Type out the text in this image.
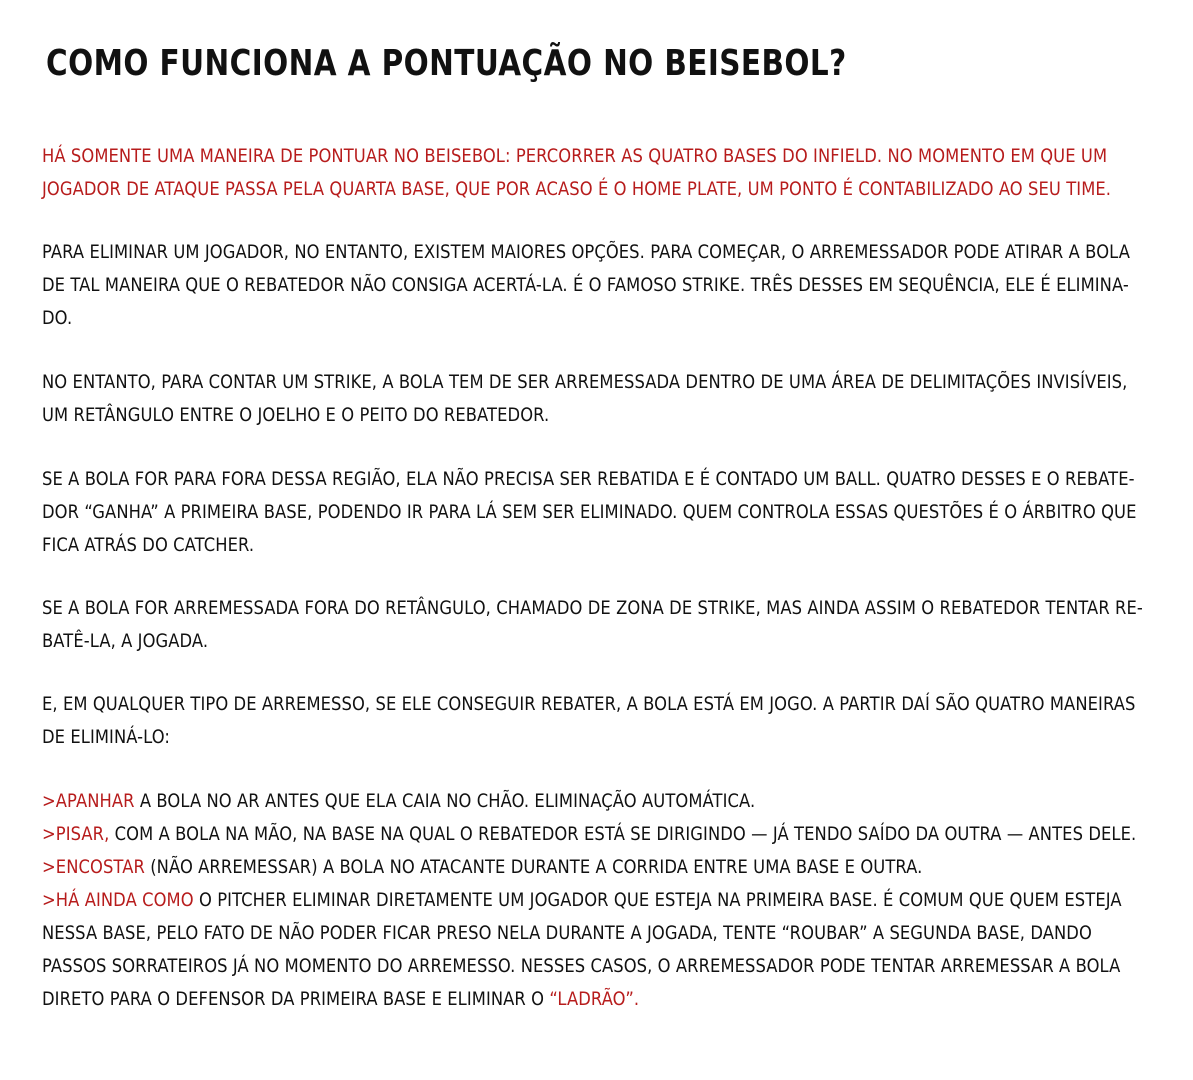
COMO FUNCIONA A PONTUAÇÃO NO BEISEBOL?

HÁ SOMENTE UMA MANEIRA DE PONTUAR NO BEISEBOL: PERCORRER AS QUATRO BASES DO INFIELD. NO MOMENTO EM QUE UM
JOGADOR DE ATAQUE PASSA PELA QUARTA BASE, QUE POR ACASO É O HOME PLATE, UM PONTO É CONTABILIZADO AO SEU TIME.

PARA ELIMINAR UM JOGADOR, NO ENTANTO, EXISTEM MAIORES OPÇÕES. PARA COMEÇAR, O ARREMESSADOR PODE ATIRAR A BOLA
DE TAL MANEIRA QUE O REBATEDOR NÃO CONSIGA ACERTÁ-LA. É O FAMOSO STRIKE. TRÊS DESSES EM SEQUÊNCIA, ELE É ELIMINA-
DO.

NO ENTANTO, PARA CONTAR UM STRIKE, A BOLA TEM DE SER ARREMESSADA DENTRO DE UMA ÁREA DE DELIMITAÇÕES INVISÍVEIS,
UM RETÂNGULO ENTRE O JOELHO E O PEITO DO REBATEDOR.

SE A BOLA FOR PARA FORA DESSA REGIÃO, ELA NÃO PRECISA SER REBATIDA E É CONTADO UM BALL. QUATRO DESSES E O REBATE-
DOR “GANHA” A PRIMEIRA BASE, PODENDO IR PARA LÁ SEM SER ELIMINADO. QUEM CONTROLA ESSAS QUESTÕES É O ÁRBITRO QUE
FICA ATRÁS DO CATCHER.

SE A BOLA FOR ARREMESSADA FORA DO RETÂNGULO, CHAMADO DE ZONA DE STRIKE, MAS AINDA ASSIM O REBATEDOR TENTAR RE-
BATÊ-LA, A JOGADA.

E, EM QUALQUER TIPO DE ARREMESSO, SE ELE CONSEGUIR REBATER, A BOLA ESTÁ EM JOGO. A PARTIR DAÍ SÃO QUATRO MANEIRAS
DE ELIMINÁ-LO:

>APANHAR A BOLA NO AR ANTES QUE ELA CAIA NO CHÃO. ELIMINAÇÃO AUTOMÁTICA.
>PISAR, COM A BOLA NA MÃO, NA BASE NA QUAL O REBATEDOR ESTÁ SE DIRIGINDO — JÁ TENDO SAÍDO DA OUTRA — ANTES DELE.
>ENCOSTAR (NÃO ARREMESSAR) A BOLA NO ATACANTE DURANTE A CORRIDA ENTRE UMA BASE E OUTRA.
>HÁ AINDA COMO O PITCHER ELIMINAR DIRETAMENTE UM JOGADOR QUE ESTEJA NA PRIMEIRA BASE. É COMUM QUE QUEM ESTEJA
NESSA BASE, PELO FATO DE NÃO PODER FICAR PRESO NELA DURANTE A JOGADA, TENTE “ROUBAR” A SEGUNDA BASE, DANDO
PASSOS SORRATEIROS JÁ NO MOMENTO DO ARREMESSO. NESSES CASOS, O ARREMESSADOR PODE TENTAR ARREMESSAR A BOLA
DIRETO PARA O DEFENSOR DA PRIMEIRA BASE E ELIMINAR O “LADRÃO”.
